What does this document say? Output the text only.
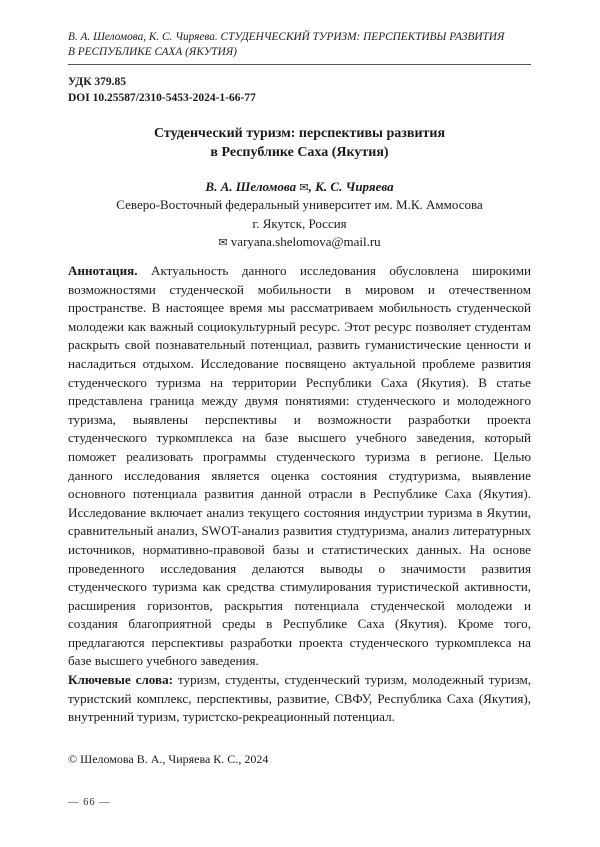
В. А. Шеломова, К. С. Чиряева. СТУДЕНЧЕСКИЙ ТУРИЗМ: ПЕРСПЕКТИВЫ РАЗВИТИЯ
В РЕСПУБЛИКЕ САХА (ЯКУТИЯ)
УДК 379.85
DOI 10.25587/2310-5453-2024-1-66-77
Студенческий туризм: перспективы развития
в Республике Саха (Якутия)
В. А. Шеломова ✉, К. С. Чиряева
Северо-Восточный федеральный университет им. М.К. Аммосова
г. Якутск, Россия
✉ varyana.shelomova@mail.ru

Аннотация. Актуальность данного исследования обусловлена широкими возможностями студенческой мобильности в мировом и отечественном пространстве. В настоящее время мы рассматриваем мобильность студенческой молодежи как важный социокультурный ресурс. Этот ресурс позволяет студентам раскрыть свой познавательный потенциал, развить гуманистические ценности и насладиться отдыхом. Исследование посвящено актуальной проблеме развития студенческого туризма на территории Республики Саха (Якутия). В статье представлена граница между двумя понятиями: студенческого и молодежного туризма, выявлены перспективы и возможности разработки проекта студенческого туркомплекса на базе высшего учебного заведения, который поможет реализовать программы студенческого туризма в регионе. Целью данного исследования является оценка состояния студтуризма, выявление основного потенциала развития данной отрасли в Республике Саха (Якутия). Исследование включает анализ текущего состояния индустрии туризма в Якутии, сравнительный анализ, SWOT-анализ развития студтуризма, анализ литературных источников, нормативно-правовой базы и статистических данных. На основе проведенного исследования делаются выводы о значимости развития студенческого туризма как средства стимулирования туристической активности, расширения горизонтов, раскрытия потенциала студенческой молодежи и создания благоприятной среды в Республике Саха (Якутия). Кроме того, предлагаются перспективы разработки проекта студенческого туркомплекса на базе высшего учебного заведения.

Ключевые слова: туризм, студенты, студенческий туризм, молодежный туризм, туристский комплекс, перспективы, развитие, СВФУ, Республика Саха (Якутия), внутренний туризм, туристско-рекреационный потенциал.

© Шеломова В. А., Чиряева К. С., 2024
— 66 —
